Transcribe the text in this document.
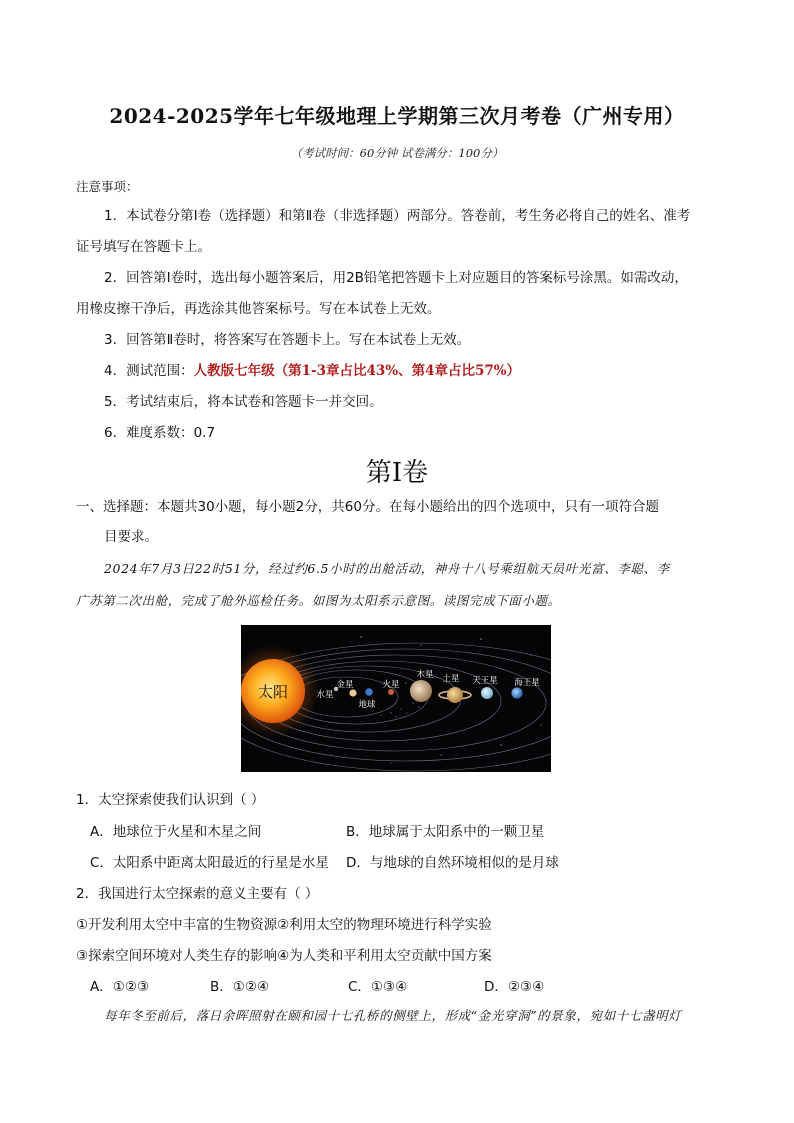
2024-2025学年七年级地理上学期第三次月考卷（广州专用）
（考试时间：60分钟 试卷满分：100分）
注意事项：
1．本试卷分第Ⅰ卷（选择题）和第Ⅱ卷（非选择题）两部分。答卷前，考生务必将自己的姓名、准考
证号填写在答题卡上。
2．回答第Ⅰ卷时，选出每小题答案后，用2B铅笔把答题卡上对应题目的答案标号涂黑。如需改动，
用橡皮擦干净后，再选涂其他答案标号。写在本试卷上无效。
3．回答第Ⅱ卷时，将答案写在答题卡上。写在本试卷上无效。
4．测试范围：人教版七年级（第1-3章占比43%、第4章占比57%）
5．考试结束后，将本试卷和答题卡一并交回。
6．难度系数：0.7
第Ⅰ卷
一、选择题：本题共30小题，每小题2分，共60分。在每小题给出的四个选项中，只有一项符合题
目要求。
2024年7月3日22时51分，经过约6.5小时的出舱活动，神舟十八号乘组航天员叶光富、李聪、李
广苏第二次出舱，完成了舱外巡检任务。如图为太阳系示意图。读图完成下面小题。
太阳	水星
金星
地球
火星
木星 土星 天王星 海王星
1．太空探索使我们认识到（ ）
A．地球位于火星和木星之间	B．地球属于太阳系中的一颗卫星
C．太阳系中距离太阳最近的行星是水星 D．与地球的自然环境相似的是月球
2．我国进行太空探索的意义主要有（ ）
①开发利用太空中丰富的生物资源②利用太空的物理环境进行科学实验
③探索空间环境对人类生存的影响④为人类和平利用太空贡献中国方案
A．①②③	B．①②④	C．①③④	D．②③④
每年冬至前后，落日余晖照射在颐和园十七孔桥的侧壁上，形成“金光穿洞”的景象，宛如十七盏明灯
